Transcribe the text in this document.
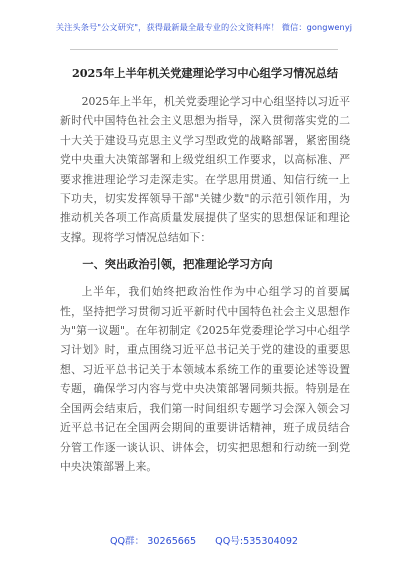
关注头条号"公文研究"，获得最新最全最专业的公文资料库！ 微信：gongwenyj
2025年上半年机关党建理论学习中心组学习情况总结

2025年上半年，机关党委理论学习中心组坚持以习近平新时代中国特色社会主义思想为指导，深入贯彻落实党的二十大关于建设马克思主义学习型政党的战略部署，紧密围绕党中央重大决策部署和上级党组织工作要求，以高标准、严要求推进理论学习走深走实。在学思用贯通、知信行统一上下功夫，切实发挥领导干部"关键少数"的示范引领作用，为推动机关各项工作高质量发展提供了坚实的思想保证和理论支撑。现将学习情况总结如下：

一、突出政治引领，把准理论学习方向

上半年，我们始终把政治性作为中心组学习的首要属性，坚持把学习贯彻习近平新时代中国特色社会主义思想作为"第一议题"。在年初制定《2025年党委理论学习中心组学习计划》时，重点围绕习近平总书记关于党的建设的重要思想、习近平总书记关于本领域本系统工作的重要论述等设置专题，确保学习内容与党中央决策部署同频共振。特别是在全国两会结束后，我们第一时间组织专题学习会深入领会习近平总书记在全国两会期间的重要讲话精神，班子成员结合分管工作逐一谈认识、讲体会，切实把思想和行动统一到党中央决策部署上来。

QQ群： 30265665 QQ号:535304092
